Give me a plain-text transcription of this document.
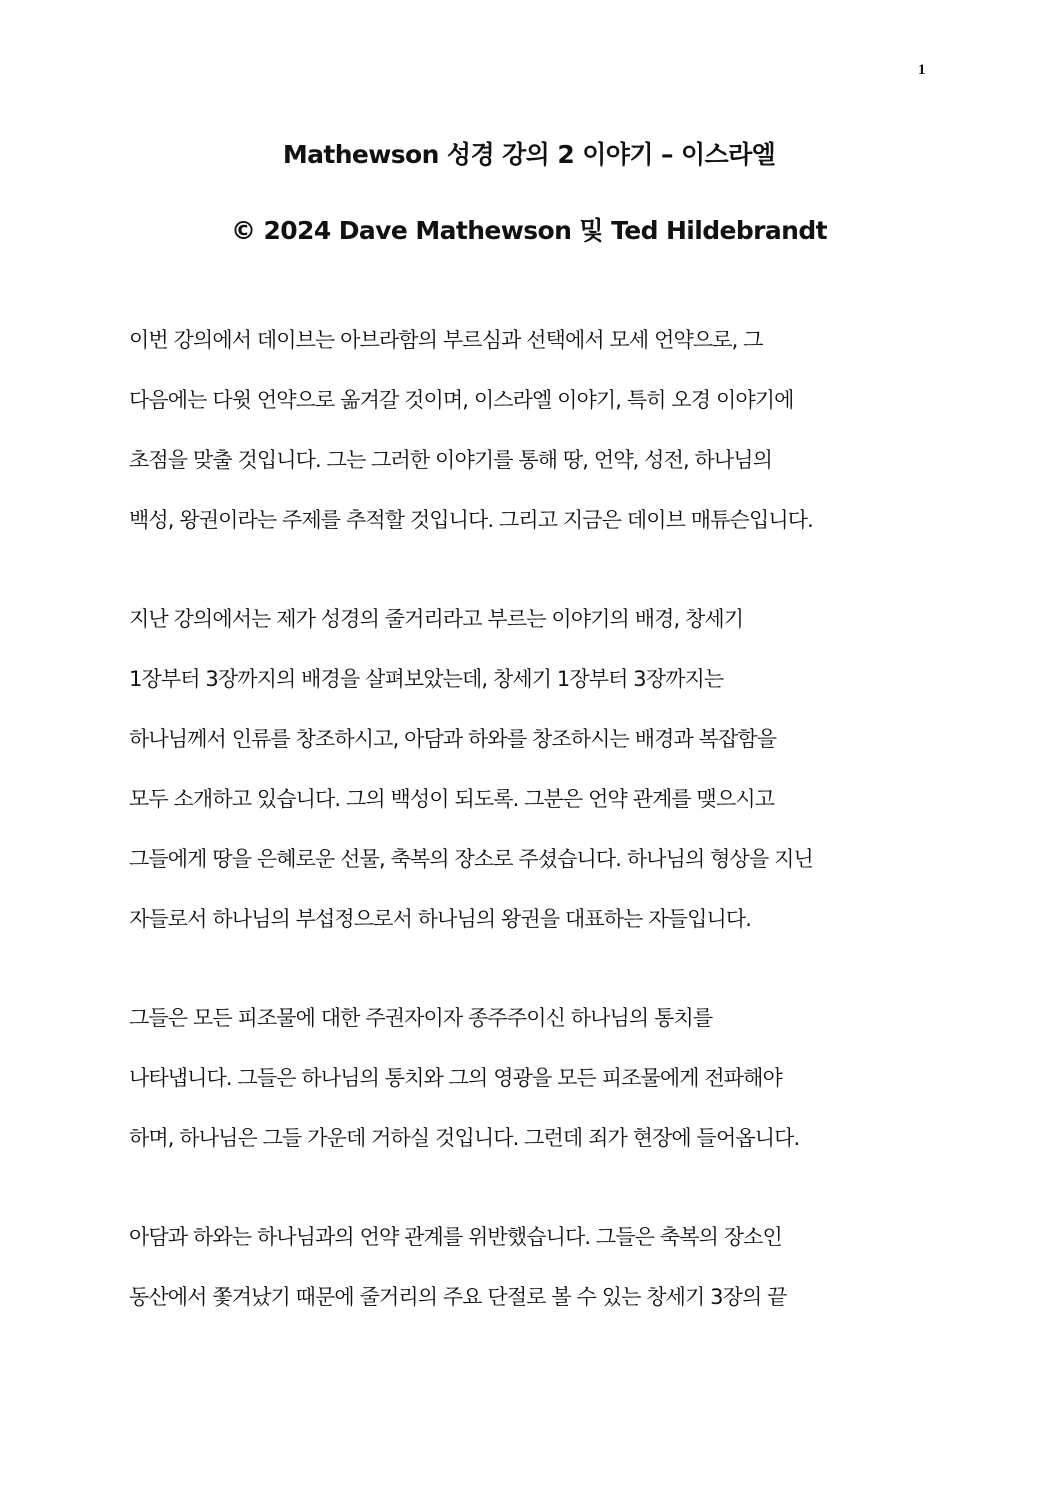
1
Mathewson 성경 강의 2 이야기 – 이스라엘
© 2024 Dave Mathewson 및 Ted Hildebrandt
이번 강의에서 데이브는 아브라함의 부르심과 선택에서 모세 언약으로, 그
다음에는 다윗 언약으로 옮겨갈 것이며, 이스라엘 이야기, 특히 오경 이야기에
초점을 맞출 것입니다. 그는 그러한 이야기를 통해 땅, 언약, 성전, 하나님의
백성, 왕권이라는 주제를 추적할 것입니다. 그리고 지금은 데이브 매튜슨입니다.
지난 강의에서는 제가 성경의 줄거리라고 부르는 이야기의 배경, 창세기
1장부터 3장까지의 배경을 살펴보았는데, 창세기 1장부터 3장까지는
하나님께서 인류를 창조하시고, 아담과 하와를 창조하시는 배경과 복잡함을
모두 소개하고 있습니다. 그의 백성이 되도록. 그분은 언약 관계를 맺으시고
그들에게 땅을 은혜로운 선물, 축복의 장소로 주셨습니다. 하나님의 형상을 지닌
자들로서 하나님의 부섭정으로서 하나님의 왕권을 대표하는 자들입니다.
그들은 모든 피조물에 대한 주권자이자 종주주이신 하나님의 통치를
나타냅니다. 그들은 하나님의 통치와 그의 영광을 모든 피조물에게 전파해야
하며, 하나님은 그들 가운데 거하실 것입니다. 그런데 죄가 현장에 들어옵니다.
아담과 하와는 하나님과의 언약 관계를 위반했습니다. 그들은 축복의 장소인
동산에서 쫓겨났기 때문에 줄거리의 주요 단절로 볼 수 있는 창세기 3장의 끝
